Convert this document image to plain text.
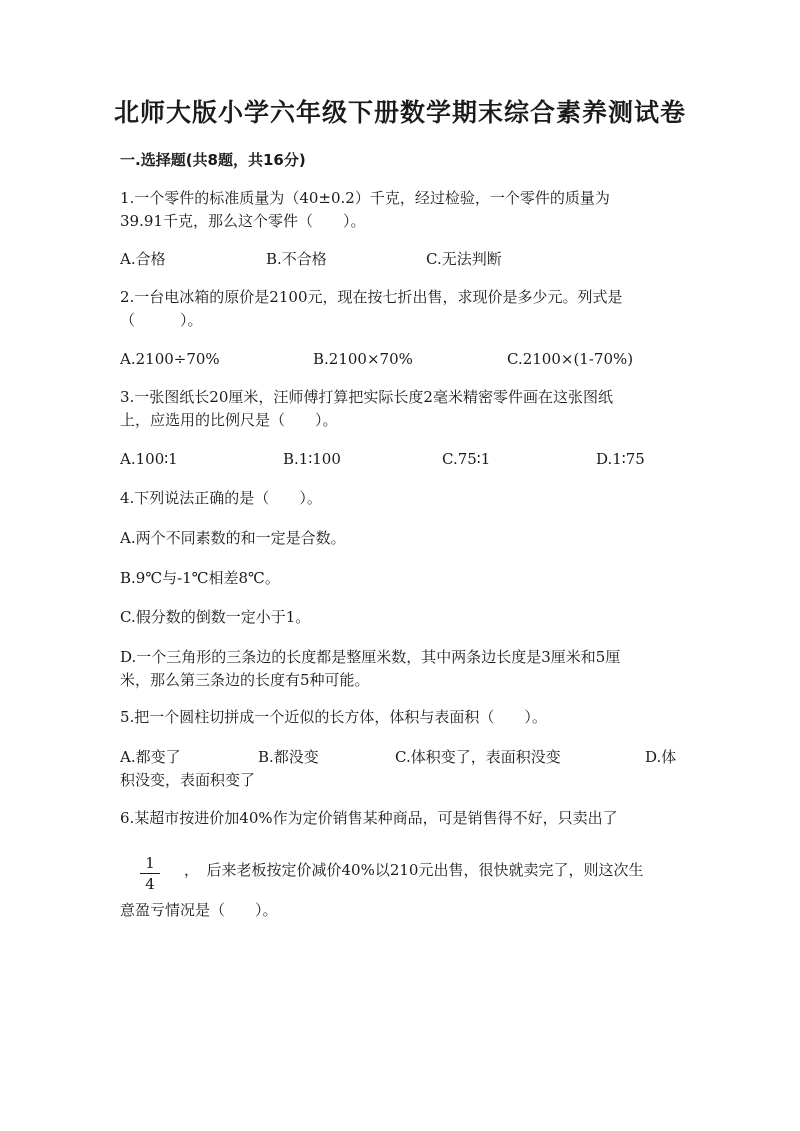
北师大版小学六年级下册数学期末综合素养测试卷
一.选择题(共8题，共16分)
1.一个零件的标准质量为（40±0.2）千克，经过检验，一个零件的质量为
39.91千克，那么这个零件（　　）。
A.合格	B.不合格	C.无法判断
2.一台电冰箱的原价是2100元，现在按七折出售，求现价是多少元。列式是
（　　　）。
A.2100÷70%	B.2100×70%	C.2100×(1-70%)
3.一张图纸长20厘米，汪师傅打算把实际长度2毫米精密零件画在这张图纸
上，应选用的比例尺是（　　）。
A.100∶1	B.1∶100	C.75∶1	D.1∶75
4.下列说法正确的是（　　）。
A.两个不同素数的和一定是合数。
B.9℃与-1℃相差8℃。
C.假分数的倒数一定小于1。
D.一个三角形的三条边的长度都是整厘米数，其中两条边长度是3厘米和5厘
米，那么第三条边的长度有5种可能。
5.把一个圆柱切拼成一个近似的长方体，体积与表面积（　　）。
A.都变了	B.都没变	C.体积变了，表面积没变	D.体
积没变，表面积变了
6.某超市按进价加40%作为定价销售某种商品，可是销售得不好，只卖出了
$\frac{1}{4}$ ，　后来老板按定价减价40%以210元出售，很快就卖完了，则这次生
意盈亏情况是（　　）。
